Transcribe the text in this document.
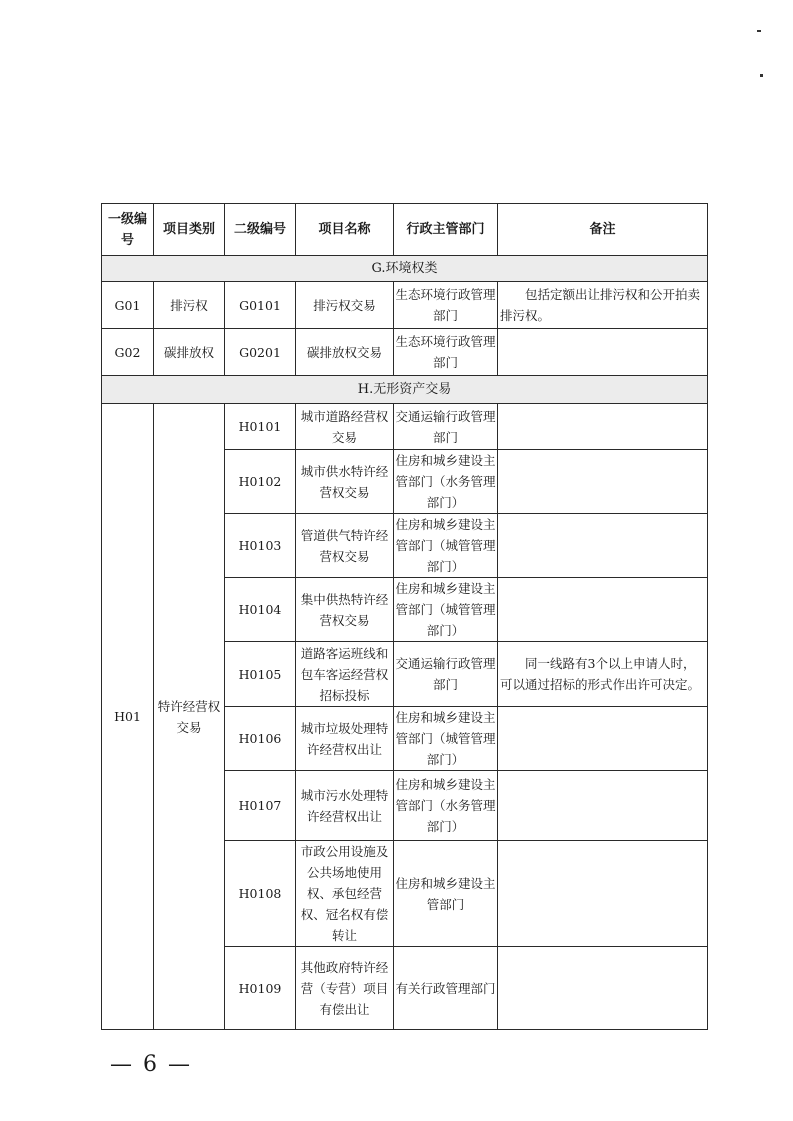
一级编号	项目类别	二级编号	项目名称	行政主管部门	备注
G.环境权类					
G01	排污权	G0101	排污权交易	生态环境行政管理部门	包括定额出让排污权和公开拍卖排污权。

G02	碳排放权	G0201	碳排放权交易	生态环境行政管理部门	
H.无形资产交易					
H01	特许经营权交易	H0101	城市道路经营权交易	交通运输行政管理部门	
		H0102	城市供水特许经营权交易	住房和城乡建设主管部门（水务管理部门）	
		H0103	管道供气特许经营权交易	住房和城乡建设主管部门（城管管理部门）	
		H0104	集中供热特许经营权交易	住房和城乡建设主管部门（城管管理部门）	
		H0105	道路客运班线和包车客运经营权招标投标	交通运输行政管理部门	同一线路有3个以上申请人时，可以通过招标的形式作出许可决定。

		H0106	城市垃圾处理特许经营权出让	住房和城乡建设主管部门（城管管理部门）	
		H0107	城市污水处理特许经营权出让	住房和城乡建设主管部门（水务管理部门）	
		H0108	市政公用设施及公共场地使用权、承包经营权、冠名权有偿转让	住房和城乡建设主管部门	
		H0109	其他政府特许经营（专营）项目有偿出让	有关行政管理部门	
— 6 —
